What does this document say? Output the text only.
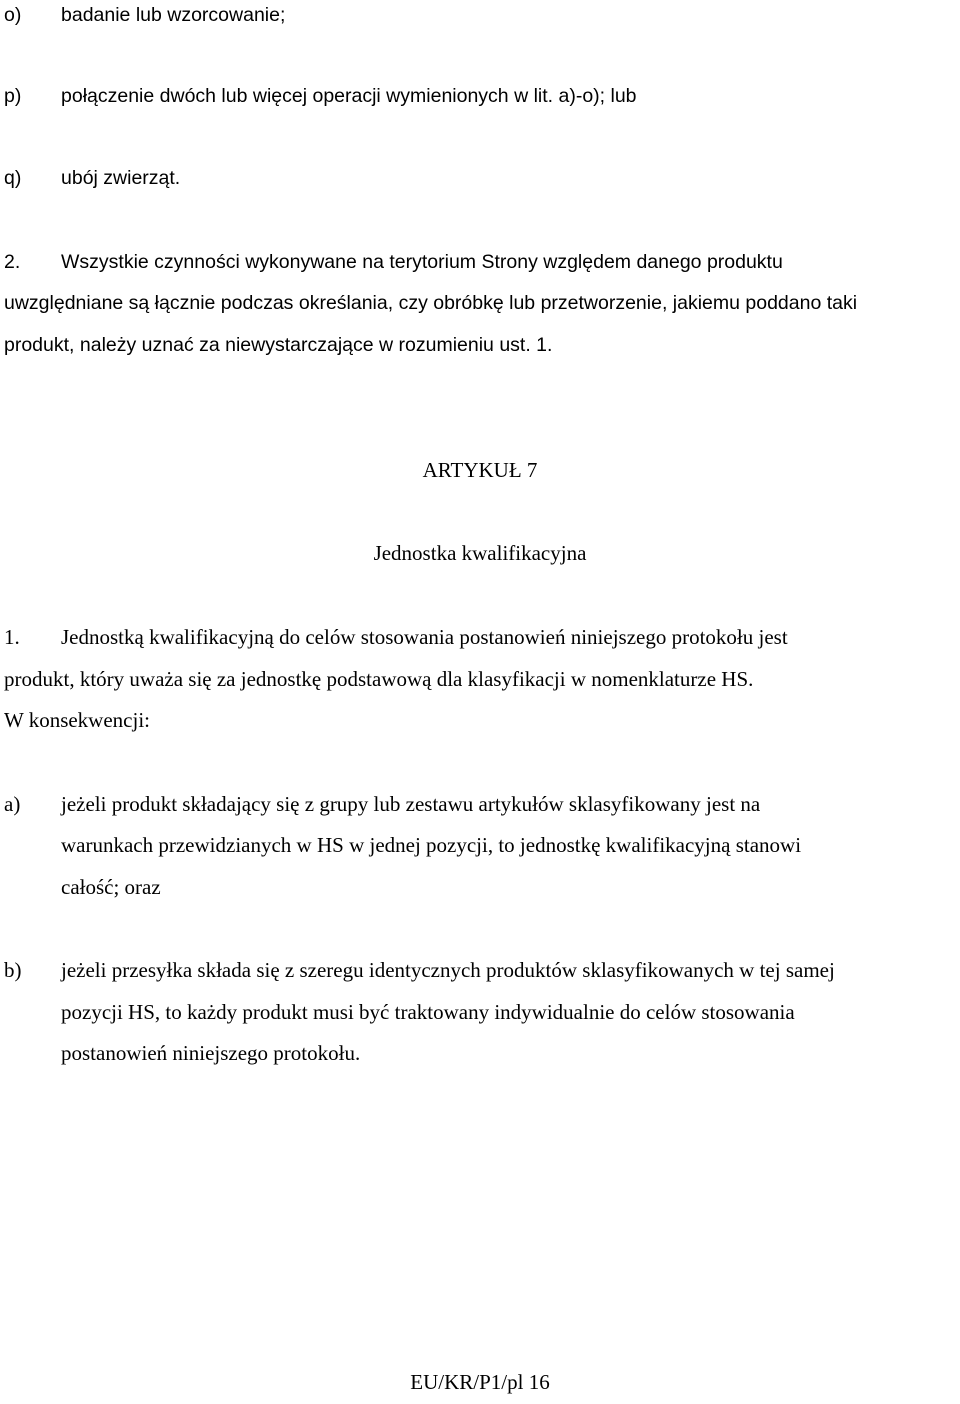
o) badanie lub wzorcowanie;
p) połączenie dwóch lub więcej operacji wymienionych w lit. a)-o); lub
q) ubój zwierząt.
2. Wszystkie czynności wykonywane na terytorium Strony względem danego produktu
uwzględniane są łącznie podczas określania, czy obróbkę lub przetworzenie, jakiemu poddano taki
produkt, należy uznać za niewystarczające w rozumieniu ust. 1.
ARTYKUŁ 7
Jednostka kwalifikacyjna
1. Jednostką kwalifikacyjną do celów stosowania postanowień niniejszego protokołu jest
produkt, który uważa się za jednostkę podstawową dla klasyfikacji w nomenklaturze HS.
W konsekwencji:
a) jeżeli produkt składający się z grupy lub zestawu artykułów sklasyfikowany jest na
warunkach przewidzianych w HS w jednej pozycji, to jednostkę kwalifikacyjną stanowi
całość; oraz
b) jeżeli przesyłka składa się z szeregu identycznych produktów sklasyfikowanych w tej samej
pozycji HS, to każdy produkt musi być traktowany indywidualnie do celów stosowania
postanowień niniejszego protokołu.
EU/KR/P1/pl 16
